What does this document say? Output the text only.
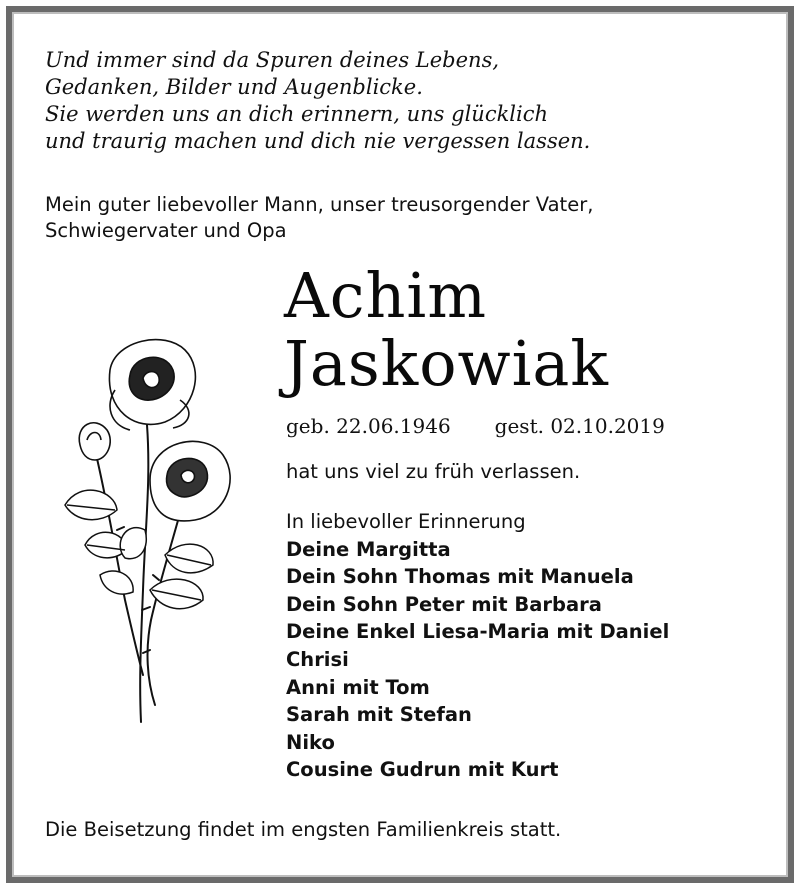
Und immer sind da Spuren deines Lebens,
Gedanken, Bilder und Augenblicke.
Sie werden uns an dich erinnern, uns glücklich
und traurig machen und dich nie vergessen lassen.
Mein guter liebevoller Mann, unser treusorgender Vater,
Schwiegervater und Opa
Achim
Jaskowiak
geb. 22.06.1946 gest. 02.10.2019
hat uns viel zu früh verlassen.
In liebevoller Erinnerung
Deine Margitta
Dein Sohn Thomas mit Manuela
Dein Sohn Peter mit Barbara
Deine Enkel Liesa-Maria mit Daniel
Chrisi
Anni mit Tom
Sarah mit Stefan
Niko
Cousine Gudrun mit Kurt
Die Beisetzung findet im engsten Familienkreis statt.
